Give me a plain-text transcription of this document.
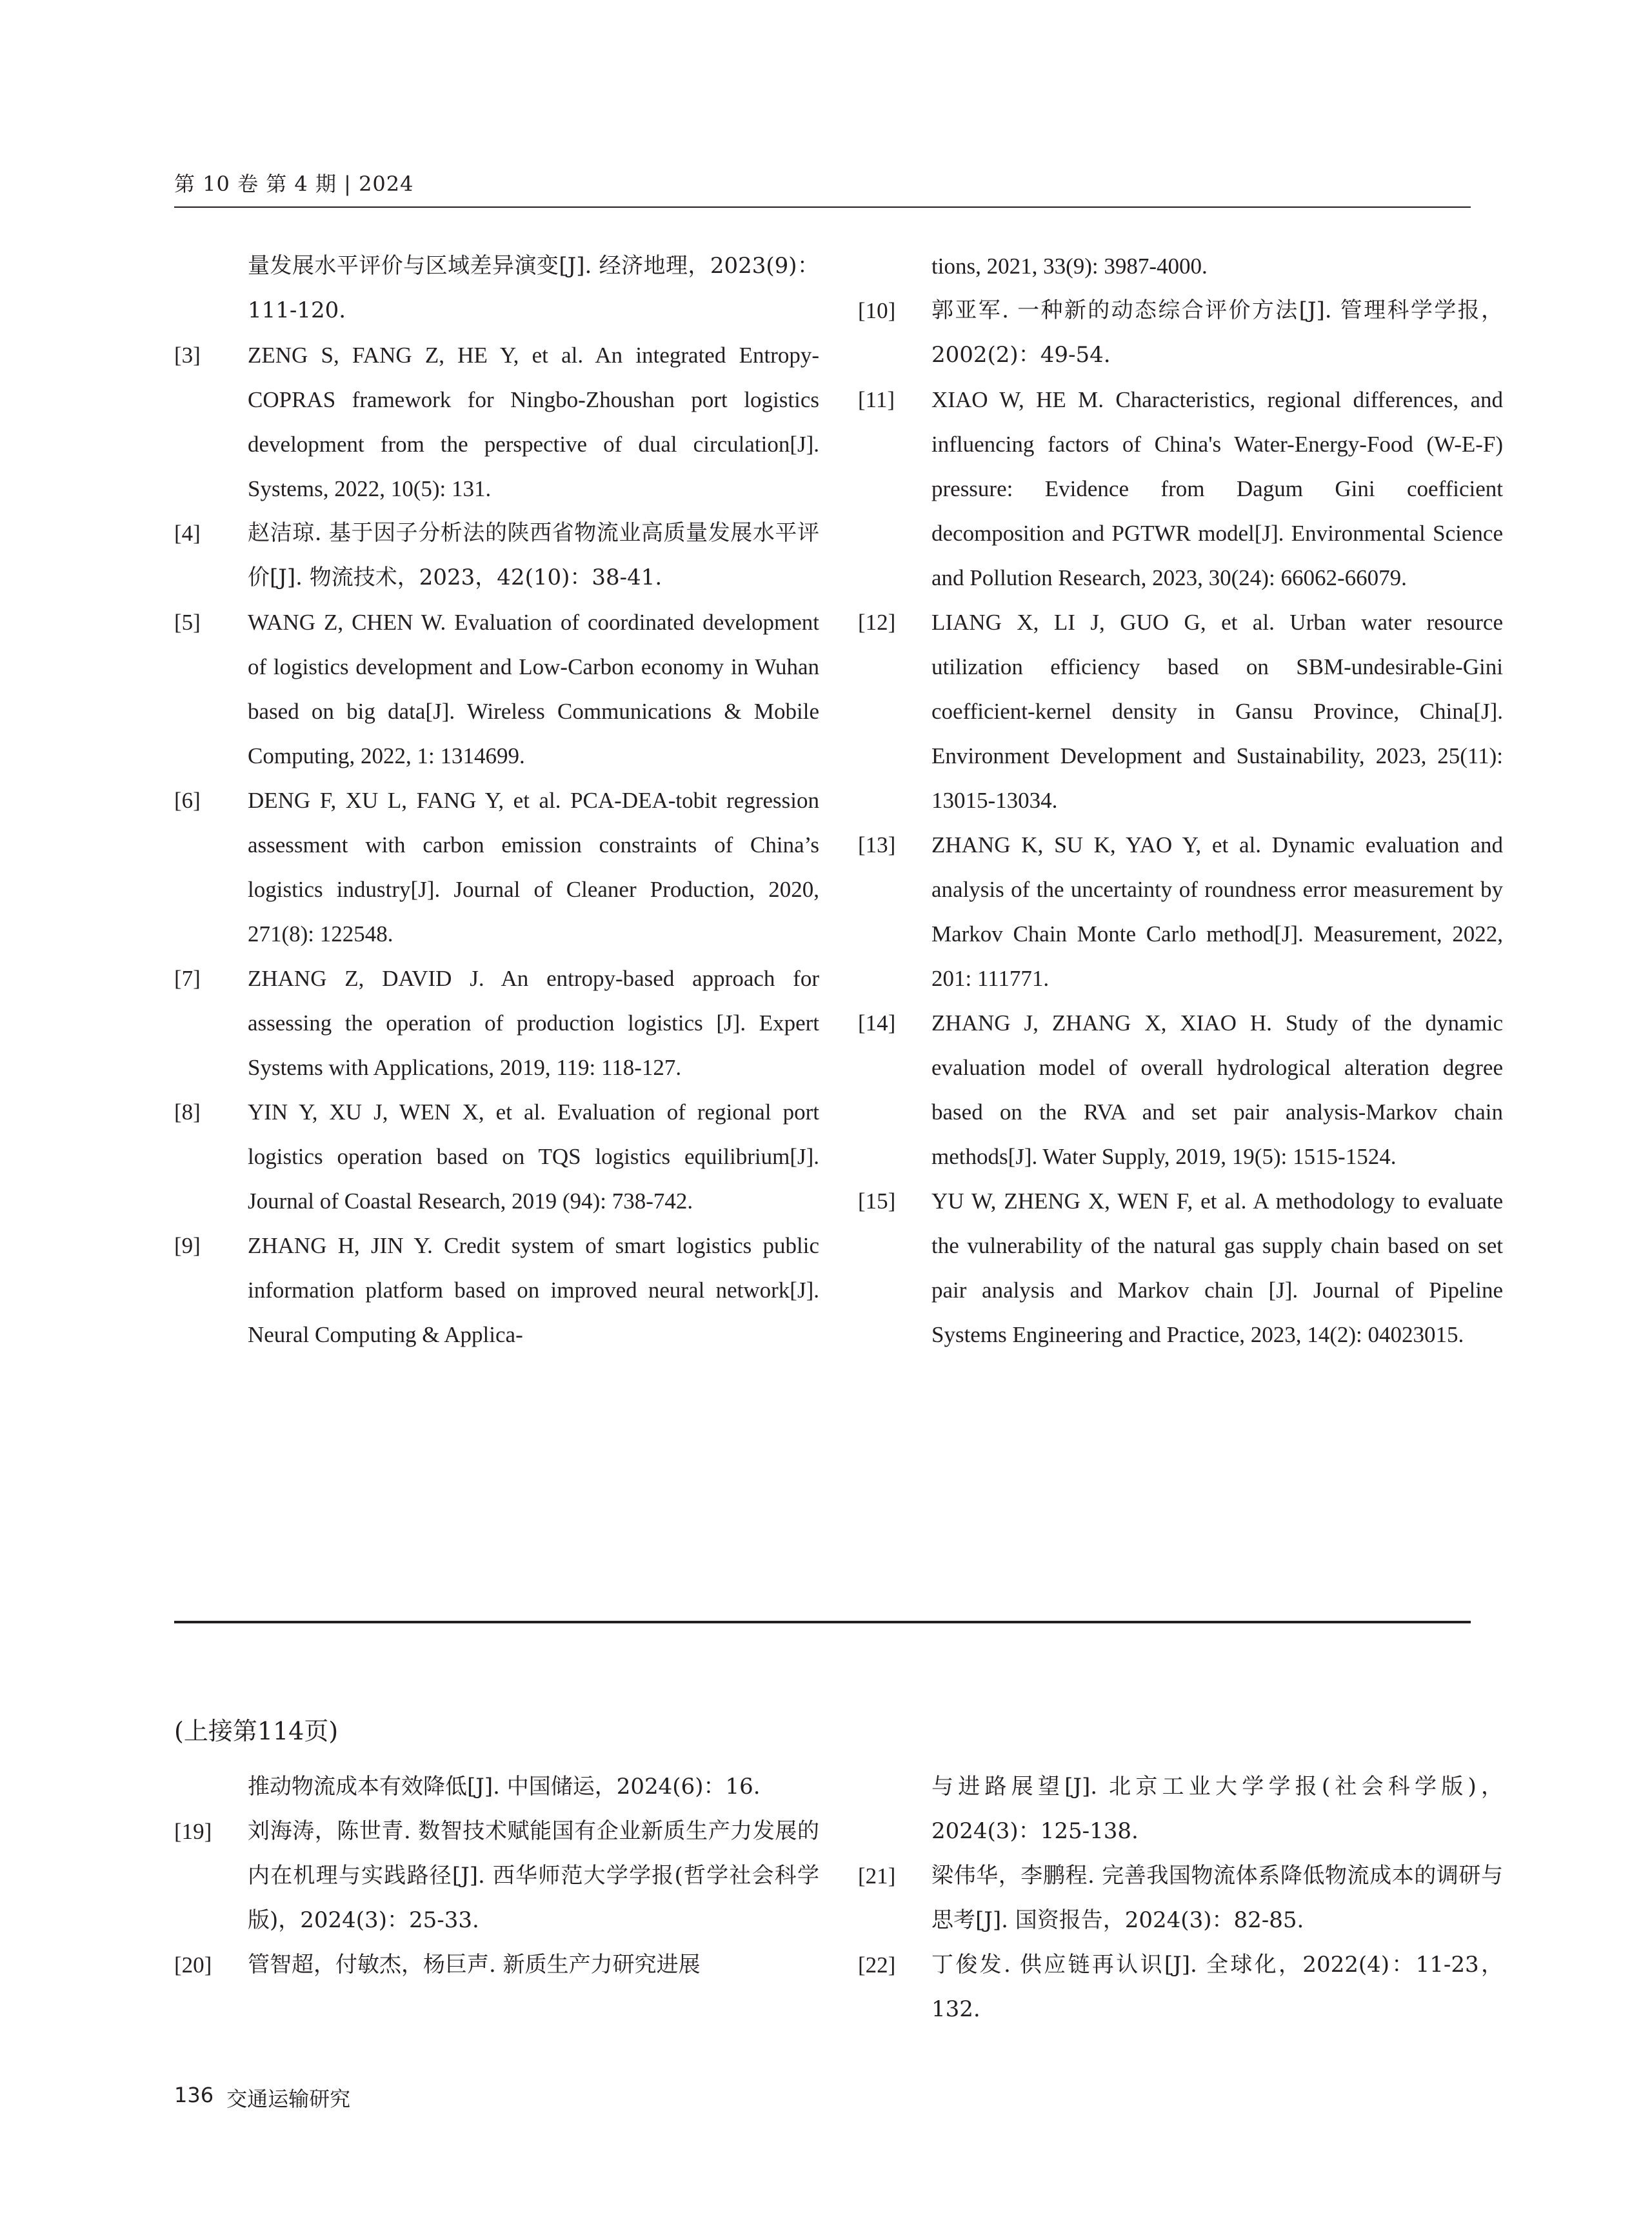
第 10 卷 第 4 期 | 2024
量发展水平评价与区域差异演变[J]. 经济地理，2023(9)：111-120.
[3]	ZENG S, FANG Z, HE Y, et al. An integrated Entropy-COPRAS framework for Ningbo-Zhoushan port logistics development from the perspective of dual circulation[J]. Systems, 2022, 10(5): 131.
[4]	赵洁琼. 基于因子分析法的陕西省物流业高质量发展水平评价[J]. 物流技术，2023，42(10)：38-41.
[5]	WANG Z, CHEN W. Evaluation of coordinated development of logistics development and Low-Carbon economy in Wuhan based on big data[J]. Wireless Communications & Mobile Computing, 2022, 1: 1314699.
[6]	DENG F, XU L, FANG Y, et al. PCA-DEA-tobit regression assessment with carbon emission constraints of China’s logistics industry[J]. Journal of Cleaner Production, 2020, 271(8): 122548.
[7]	ZHANG Z, DAVID J. An entropy-based approach for assessing the operation of production logistics [J]. Expert Systems with Applications, 2019, 119: 118-127.
[8]	YIN Y, XU J, WEN X, et al. Evaluation of regional port logistics operation based on TQS logistics equilibrium[J]. Journal of Coastal Research, 2019 (94): 738-742.
[9]	ZHANG H, JIN Y. Credit system of smart logistics public information platform based on improved neural network[J]. Neural Computing & Applica-
tions, 2021, 33(9): 3987-4000.
[10]	郭亚军. 一种新的动态综合评价方法[J]. 管理科学学报，2002(2)：49-54.
[11]	XIAO W, HE M. Characteristics, regional differences, and influencing factors of China's Water-Energy-Food (W-E-F) pressure: Evidence from Dagum Gini coefficient decomposition and PGTWR model[J]. Environmental Science and Pollution Research, 2023, 30(24): 66062-66079.
[12]	LIANG X, LI J, GUO G, et al. Urban water resource utilization efficiency based on SBM-undesirable-Gini coefficient-kernel density in Gansu Province, China[J]. Environment Development and Sustainability, 2023, 25(11): 13015-13034.
[13]	ZHANG K, SU K, YAO Y, et al. Dynamic evaluation and analysis of the uncertainty of roundness error measurement by Markov Chain Monte Carlo method[J]. Measurement, 2022, 201: 111771.
[14]	ZHANG J, ZHANG X, XIAO H. Study of the dynamic evaluation model of overall hydrological alteration degree based on the RVA and set pair analysis-Markov chain methods[J]. Water Supply, 2019, 19(5): 1515-1524.
[15]	YU W, ZHENG X, WEN F, et al. A methodology to evaluate the vulnerability of the natural gas supply chain based on set pair analysis and Markov chain [J]. Journal of Pipeline Systems Engineering and Practice, 2023, 14(2): 04023015.
(上接第114页)
推动物流成本有效降低[J]. 中国储运，2024(6)：16.
[19]	刘海涛，陈世青. 数智技术赋能国有企业新质生产力发展的内在机理与实践路径[J]. 西华师范大学学报(哲学社会科学版)，2024(3)：25-33.
[20]	管智超，付敏杰，杨巨声. 新质生产力研究进展
与进路展望[J]. 北京工业大学学报(社会科学版)，2024(3)：125-138.
[21]	梁伟华，李鹏程. 完善我国物流体系降低物流成本的调研与思考[J]. 国资报告，2024(3)：82-85.
[22]	丁俊发. 供应链再认识[J]. 全球化，2022(4)：11-23，132.
136 交通运输研究
